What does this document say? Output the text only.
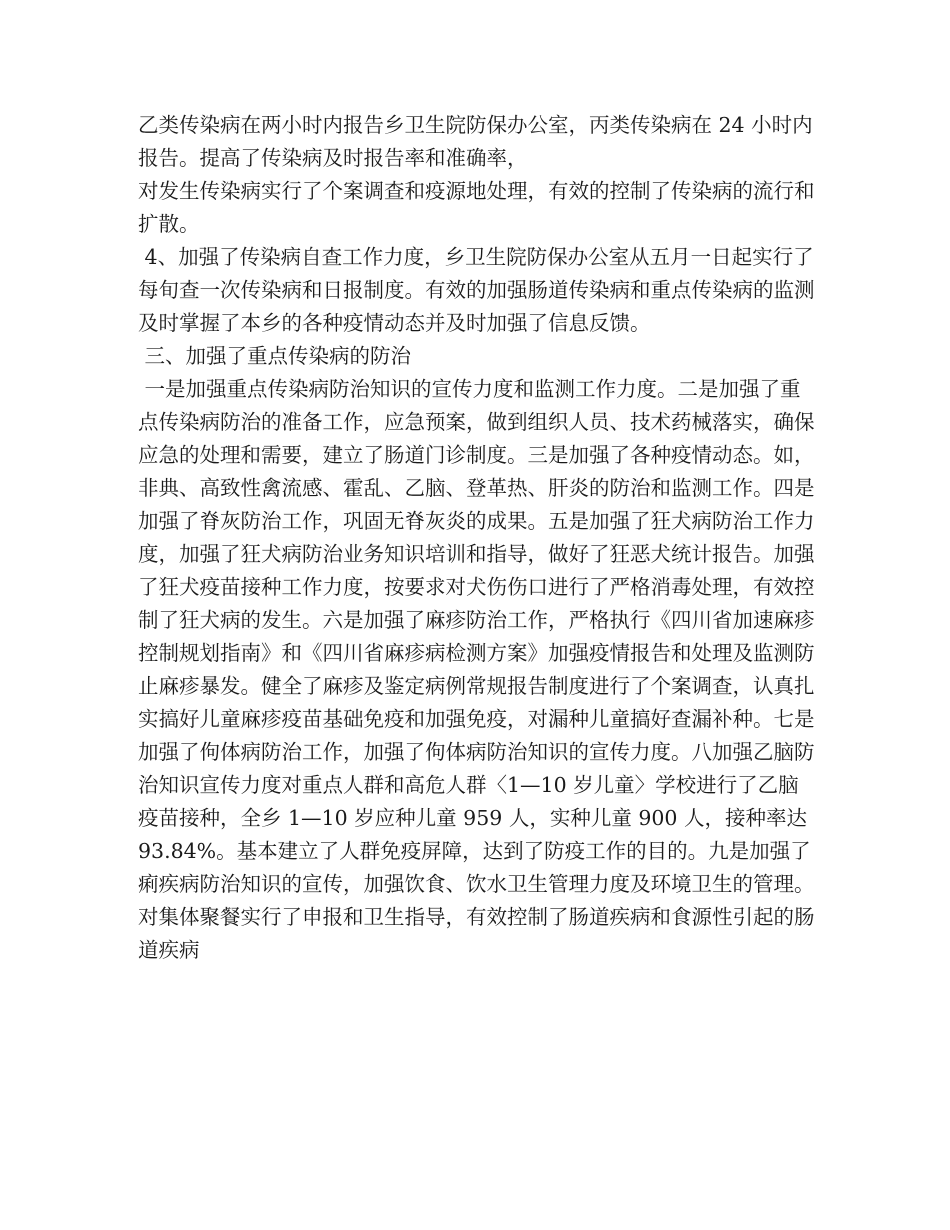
乙类传染病在两小时内报告乡卫生院防保办公室，丙类传染病在 24 小时内报告。提高了传染病及时报告率和准确率，

对发生传染病实行了个案调查和疫源地处理，有效的控制了传染病的流行和扩散。

4、加强了传染病自查工作力度，乡卫生院防保办公室从五月一日起实行了每旬查一次传染病和日报制度。有效的加强肠道传染病和重点传染病的监测及时掌握了本乡的各种疫情动态并及时加强了信息反馈。

三、加强了重点传染病的防治

一是加强重点传染病防治知识的宣传力度和监测工作力度。二是加强了重点传染病防治的准备工作，应急预案，做到组织人员、技术药械落实，确保应急的处理和需要，建立了肠道门诊制度。三是加强了各种疫情动态。如，非典、高致性禽流感、霍乱、乙脑、登革热、肝炎的防治和监测工作。四是加强了脊灰防治工作，巩固无脊灰炎的成果。五是加强了狂犬病防治工作力度，加强了狂犬病防治业务知识培训和指导，做好了狂恶犬统计报告。加强了狂犬疫苗接种工作力度，按要求对犬伤伤口进行了严格消毒处理，有效控制了狂犬病的发生。六是加强了麻疹防治工作，严格执行《四川省加速麻疹控制规划指南》和《四川省麻疹病检测方案》加强疫情报告和处理及监测防止麻疹暴发。健全了麻疹及鉴定病例常规报告制度进行了个案调查，认真扎实搞好儿童麻疹疫苗基础免疫和加强免疫，对漏种儿童搞好查漏补种。七是加强了佝体病防治工作，加强了佝体病防治知识的宣传力度。八加强乙脑防治知识宣传力度对重点人群和高危人群〈1—10 岁儿童〉学校进行了乙脑疫苗接种，全乡 1—10 岁应种儿童 959 人，实种儿童 900 人，接种率达 93.84%。基本建立了人群免疫屏障，达到了防疫工作的目的。九是加强了痢疾病防治知识的宣传，加强饮食、饮水卫生管理力度及环境卫生的管理。对集体聚餐实行了申报和卫生指导，有效控制了肠道疾病和食源性引起的肠道疾病
